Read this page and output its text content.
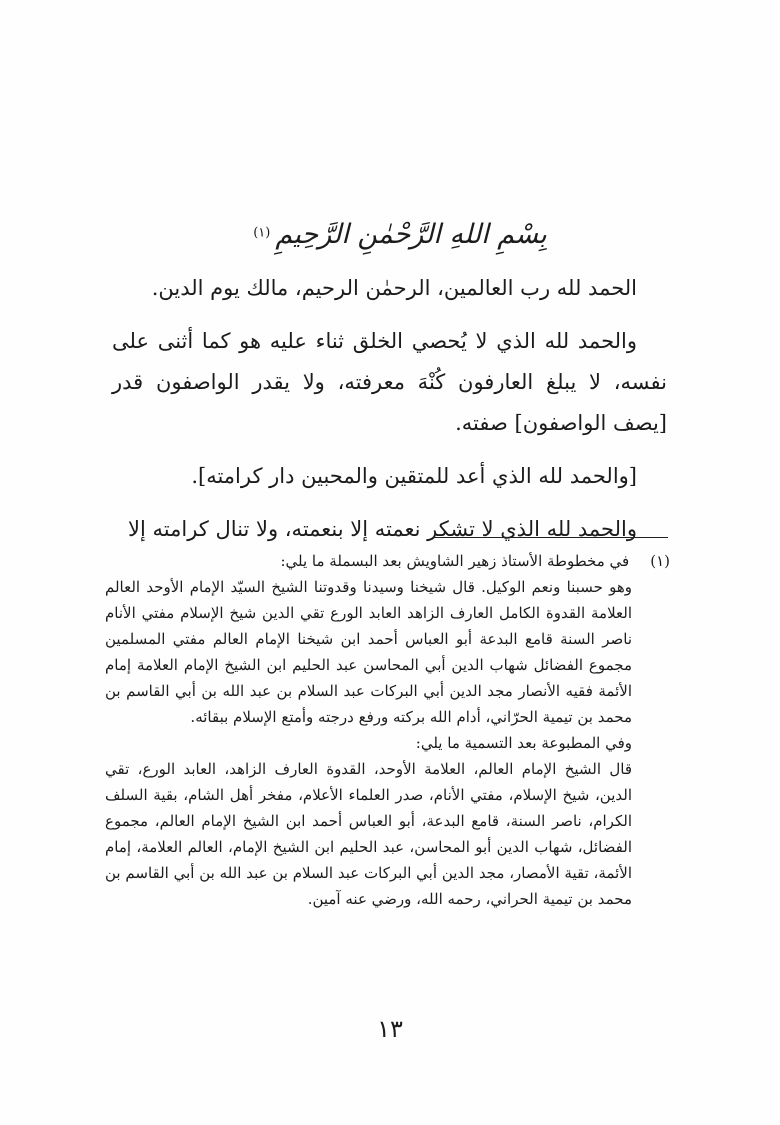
بِسْمِ اللهِ الرَّحْمٰنِ الرَّحِيمِ $^{(١)}$

الحمد لله رب العالمين، الرحمٰن الرحيم، مالك يوم الدين.

والحمد لله الذي لا يُحصي الخلق ثناء عليه هو كما أثنى على نفسه، لا يبلغ العارفون كُنْهَ معرفته، ولا يقدر الواصفون قدر [يصف الواصفون] صفته.

[والحمد لله الذي أعد للمتقين والمحبين دار كرامته].

والحمد لله الذي لا تشكر نعمته إلا بنعمته، ولا تنال كرامته إلا

(١) في مخطوطة الأستاذ زهير الشاويش بعد البسملة ما يلي:

وهو حسبنا ونعم الوكيل. قال شيخنا وسيدنا وقدوتنا الشيخ السيّد الإمام الأوحد العالم العلامة القدوة الكامل العارف الزاهد العابد الورع تقي الدين شيخ الإسلام مفتي الأنام ناصر السنة قامع البدعة أبو العباس أحمد ابن شيخنا الإمام العالم مفتي المسلمين مجموع الفضائل شهاب الدين أبي المحاسن عبد الحليم ابن الشيخ الإمام العلامة إمام الأئمة فقيه الأنصار مجد الدين أبي البركات عبد السلام بن عبد الله بن أبي القاسم بن محمد بن تيمية الحرّاني، أدام الله بركته ورفع درجته وأمتع الإسلام ببقائه.

وفي المطبوعة بعد التسمية ما يلي:

قال الشيخ الإمام العالم، العلامة الأوحد، القدوة العارف الزاهد، العابد الورع، تقي الدين، شيخ الإسلام، مفتي الأنام، صدر العلماء الأعلام، مفخر أهل الشام، بقية السلف الكرام، ناصر السنة، قامع البدعة، أبو العباس أحمد ابن الشيخ الإمام العالم، مجموع الفضائل، شهاب الدين أبو المحاسن، عبد الحليم ابن الشيخ الإمام، العالم العلامة، إمام الأئمة، تقية الأمصار، مجد الدين أبي البركات عبد السلام بن عبد الله بن أبي القاسم بن محمد بن تيمية الحراني، رحمه الله، ورضي عنه آمين.

١٣
